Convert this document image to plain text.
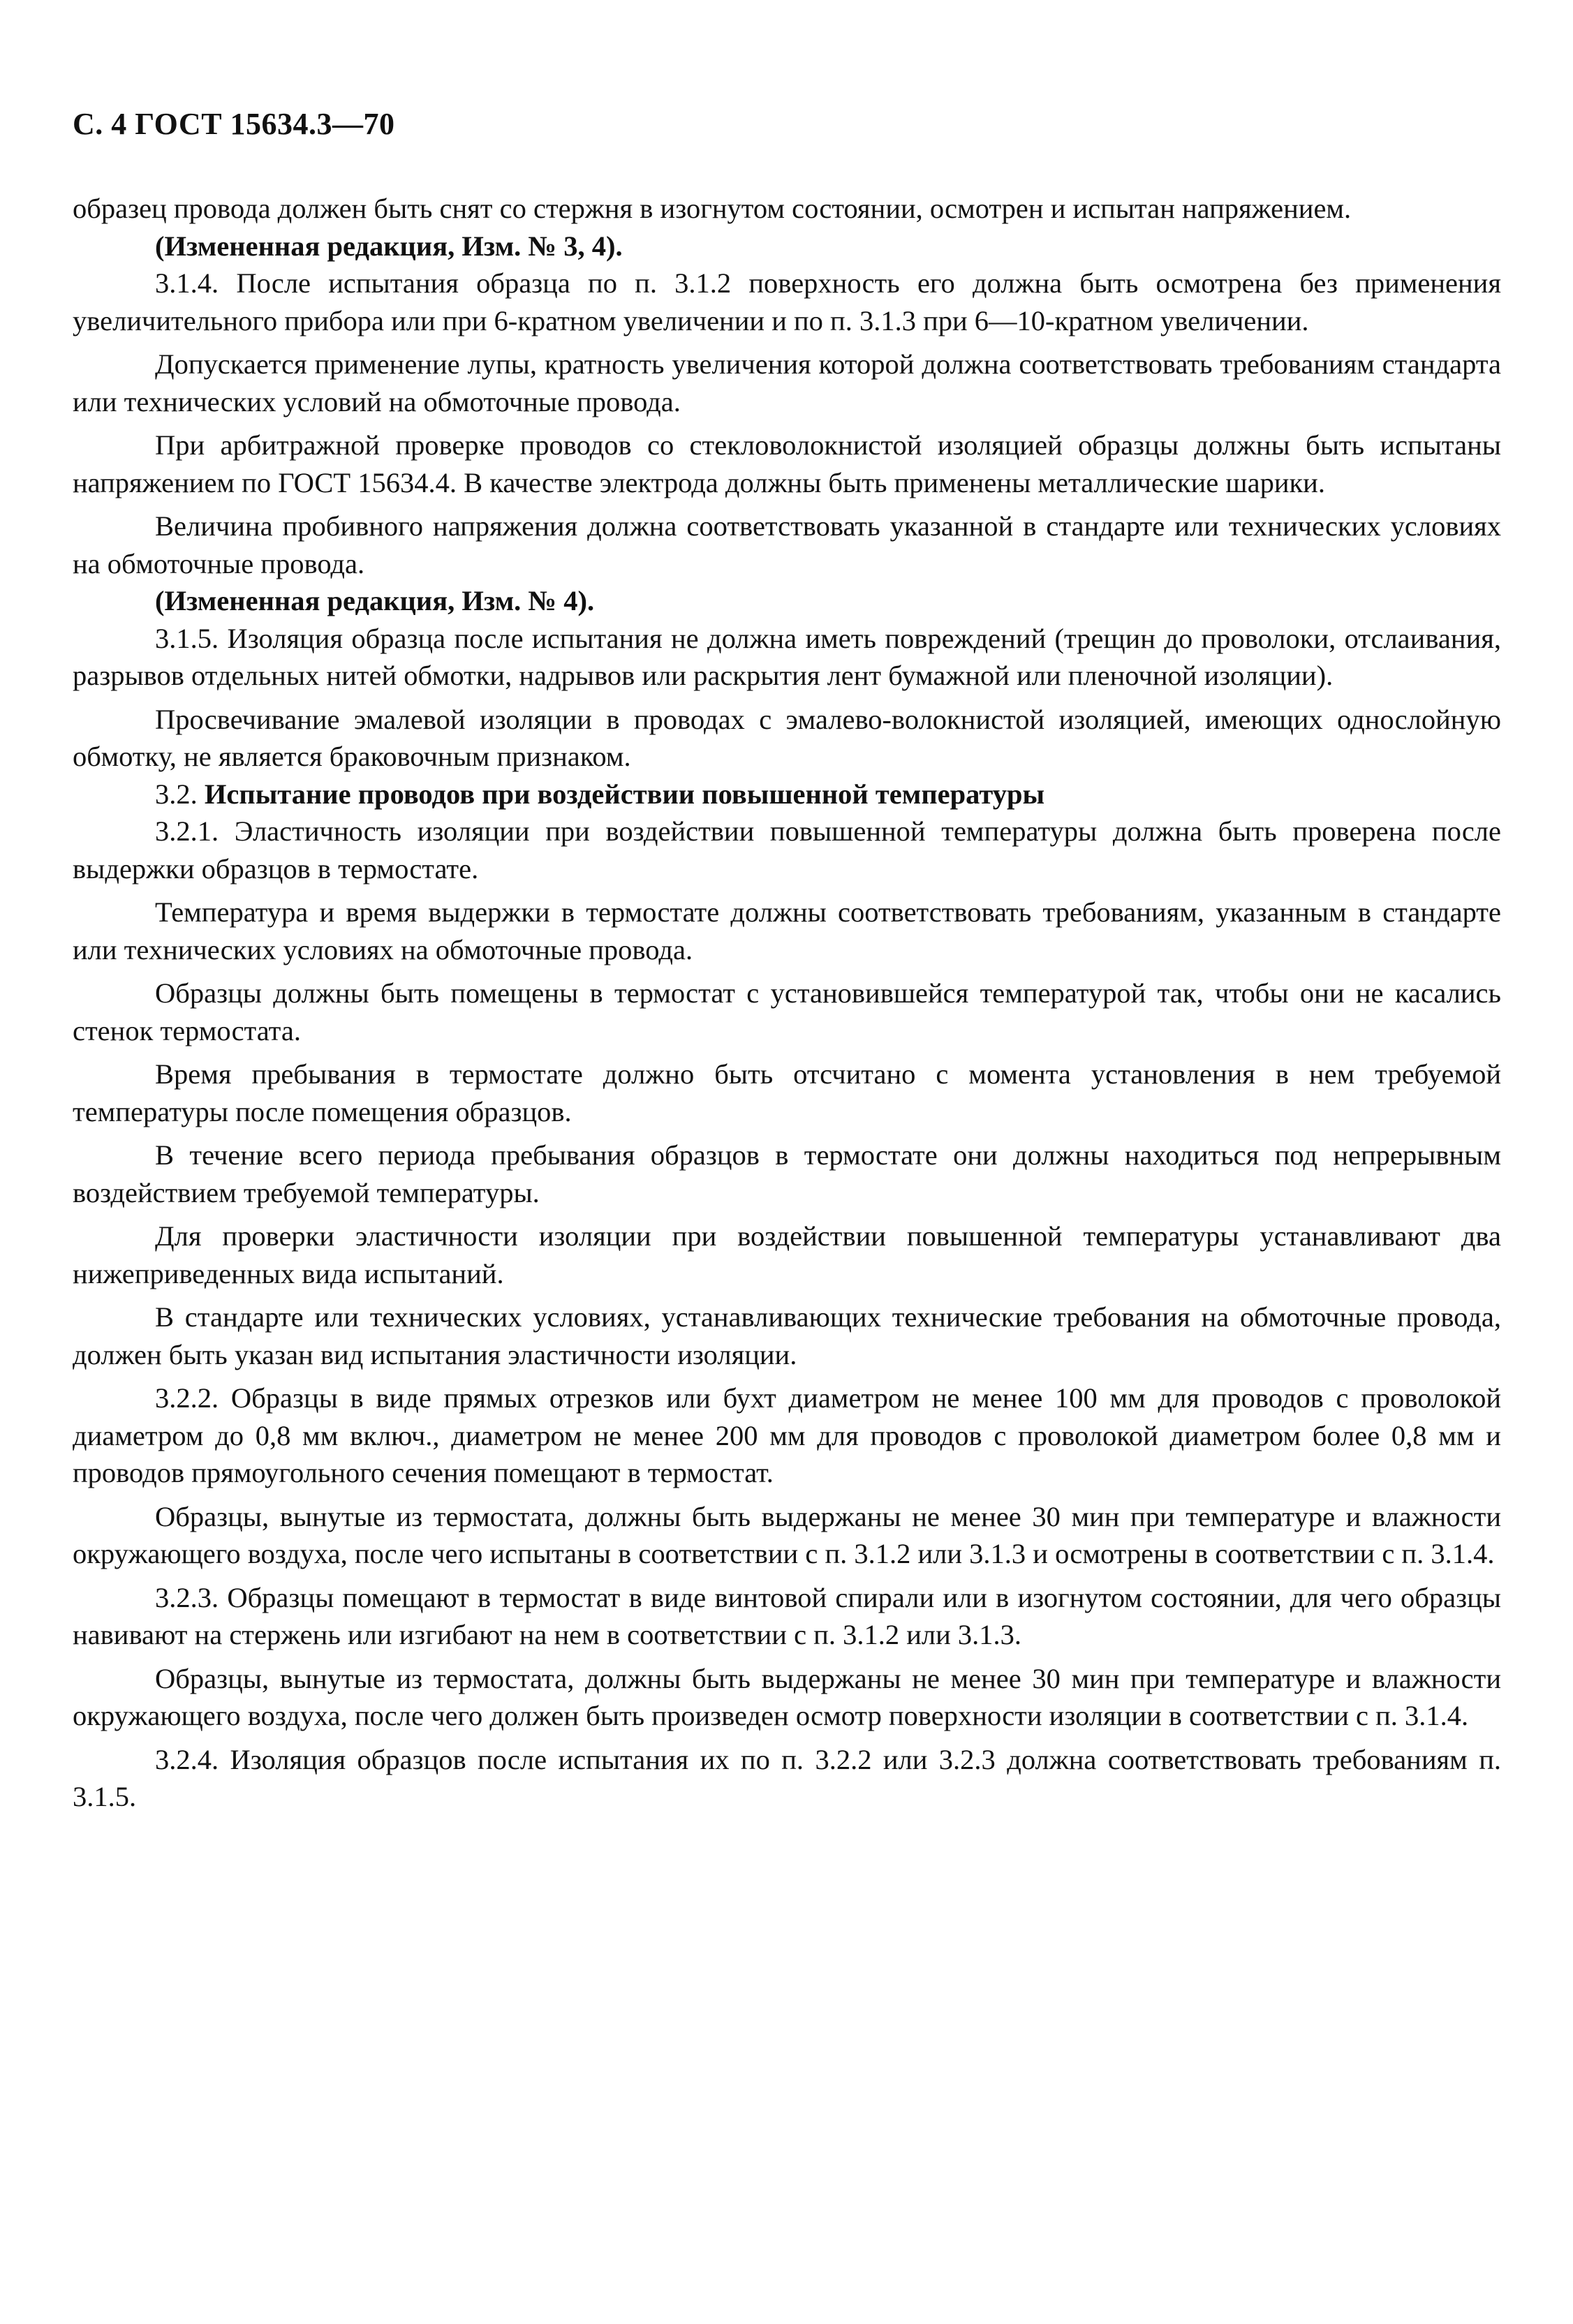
С. 4 ГОСТ 15634.3—70

образец провода должен быть снят со стержня в изогнутом состоянии, осмотрен и испытан напряжением.

(Измененная редакция, Изм. № 3, 4).

3.1.4. После испытания образца по п. 3.1.2 поверхность его должна быть осмотрена без применения увеличительного прибора или при 6-кратном увеличении и по п. 3.1.3 при 6—10-кратном увеличении.

Допускается применение лупы, кратность увеличения которой должна соответствовать требованиям стандарта или технических условий на обмоточные провода.

При арбитражной проверке проводов со стекловолокнистой изоляцией образцы должны быть испытаны напряжением по ГОСТ 15634.4. В качестве электрода должны быть применены металлические шарики.

Величина пробивного напряжения должна соответствовать указанной в стандарте или технических условиях на обмоточные провода.

(Измененная редакция, Изм. № 4).

3.1.5. Изоляция образца после испытания не должна иметь повреждений (трещин до проволоки, отслаивания, разрывов отдельных нитей обмотки, надрывов или раскрытия лент бумажной или пленочной изоляции).

Просвечивание эмалевой изоляции в проводах с эмалево-волокнистой изоляцией, имеющих однослойную обмотку, не является браковочным признаком.

3.2. Испытание проводов при воздействии повышенной температуры

3.2.1. Эластичность изоляции при воздействии повышенной температуры должна быть проверена после выдержки образцов в термостате.

Температура и время выдержки в термостате должны соответствовать требованиям, указанным в стандарте или технических условиях на обмоточные провода.

Образцы должны быть помещены в термостат с установившейся температурой так, чтобы они не касались стенок термостата.

Время пребывания в термостате должно быть отсчитано с момента установления в нем требуемой температуры после помещения образцов.

В течение всего периода пребывания образцов в термостате они должны находиться под непрерывным воздействием требуемой температуры.

Для проверки эластичности изоляции при воздействии повышенной температуры устанавливают два нижеприведенных вида испытаний.

В стандарте или технических условиях, устанавливающих технические требования на обмоточные провода, должен быть указан вид испытания эластичности изоляции.

3.2.2. Образцы в виде прямых отрезков или бухт диаметром не менее 100 мм для проводов с проволокой диаметром до 0,8 мм включ., диаметром не менее 200 мм для проводов с проволокой диаметром более 0,8 мм и проводов прямоугольного сечения помещают в термостат.

Образцы, вынутые из термостата, должны быть выдержаны не менее 30 мин при температуре и влажности окружающего воздуха, после чего испытаны в соответствии с п. 3.1.2 или 3.1.3 и осмотрены в соответствии с п. 3.1.4.

3.2.3. Образцы помещают в термостат в виде винтовой спирали или в изогнутом состоянии, для чего образцы навивают на стержень или изгибают на нем в соответствии с п. 3.1.2 или 3.1.3.

Образцы, вынутые из термостата, должны быть выдержаны не менее 30 мин при температуре и влажности окружающего воздуха, после чего должен быть произведен осмотр поверхности изоляции в соответствии с п. 3.1.4.

3.2.4. Изоляция образцов после испытания их по п. 3.2.2 или 3.2.3 должна соответствовать требованиям п. 3.1.5.
